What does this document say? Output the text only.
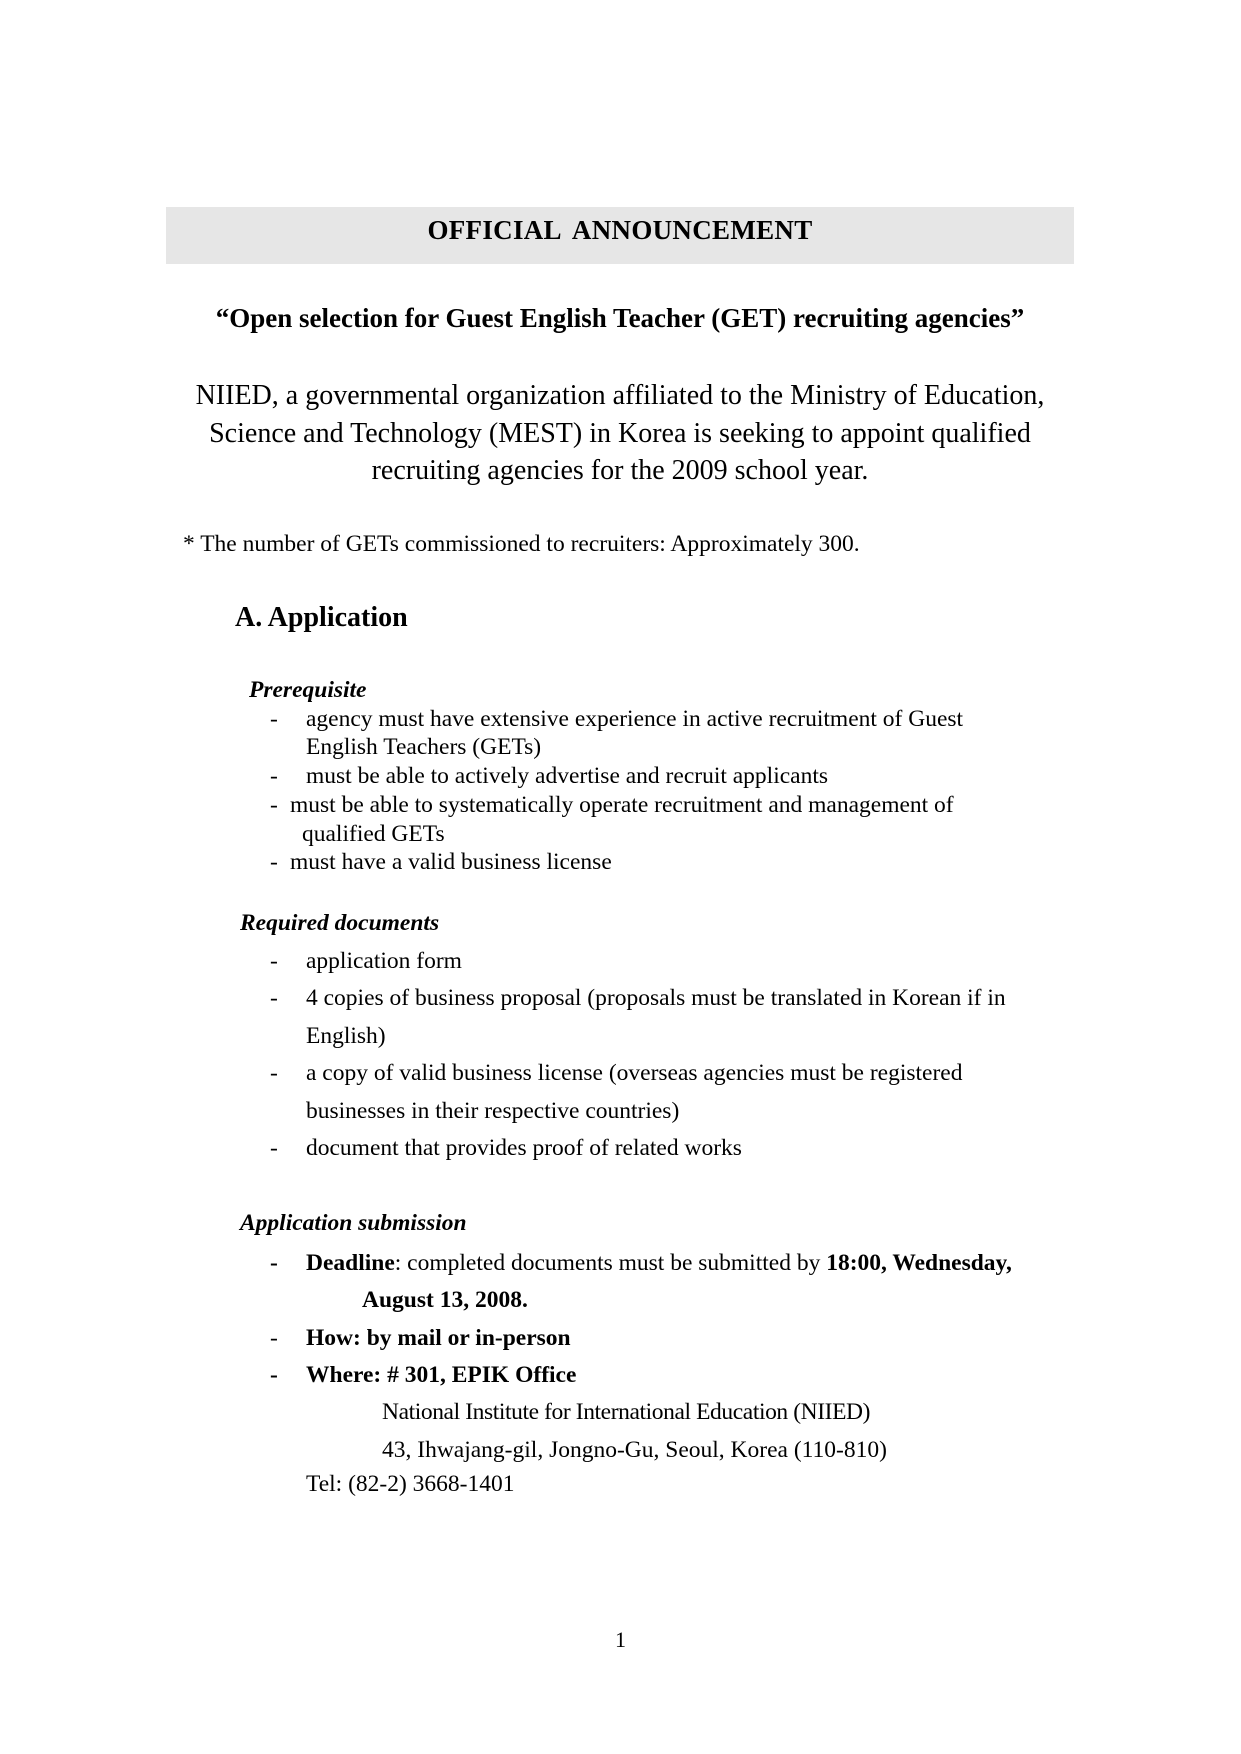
OFFICIAL ANNOUNCEMENT
“Open selection for Guest English Teacher (GET) recruiting agencies”
NIIED, a governmental organization affiliated to the Ministry of Education,
Science and Technology (MEST) in Korea is seeking to appoint qualified
recruiting agencies for the 2009 school year.
* The number of GETs commissioned to recruiters: Approximately 300.
A. Application
Prerequisite
- agency must have extensive experience in active recruitment of Guest
English Teachers (GETs)
- must be able to actively advertise and recruit applicants
- must be able to systematically operate recruitment and management of
qualified GETs
- must have a valid business license
Required documents
- application form
- 4 copies of business proposal (proposals must be translated in Korean if in
English)
- a copy of valid business license (overseas agencies must be registered
businesses in their respective countries)
- document that provides proof of related works
Application submission
- Deadline: completed documents must be submitted by 18:00, Wednesday,
August 13, 2008.
- How: by mail or in-person
- Where: # 301, EPIK Office
National Institute for International Education (NIIED)
43, Ihwajang-gil, Jongno-Gu, Seoul, Korea (110-810)
Tel: (82-2) 3668-1401
1
